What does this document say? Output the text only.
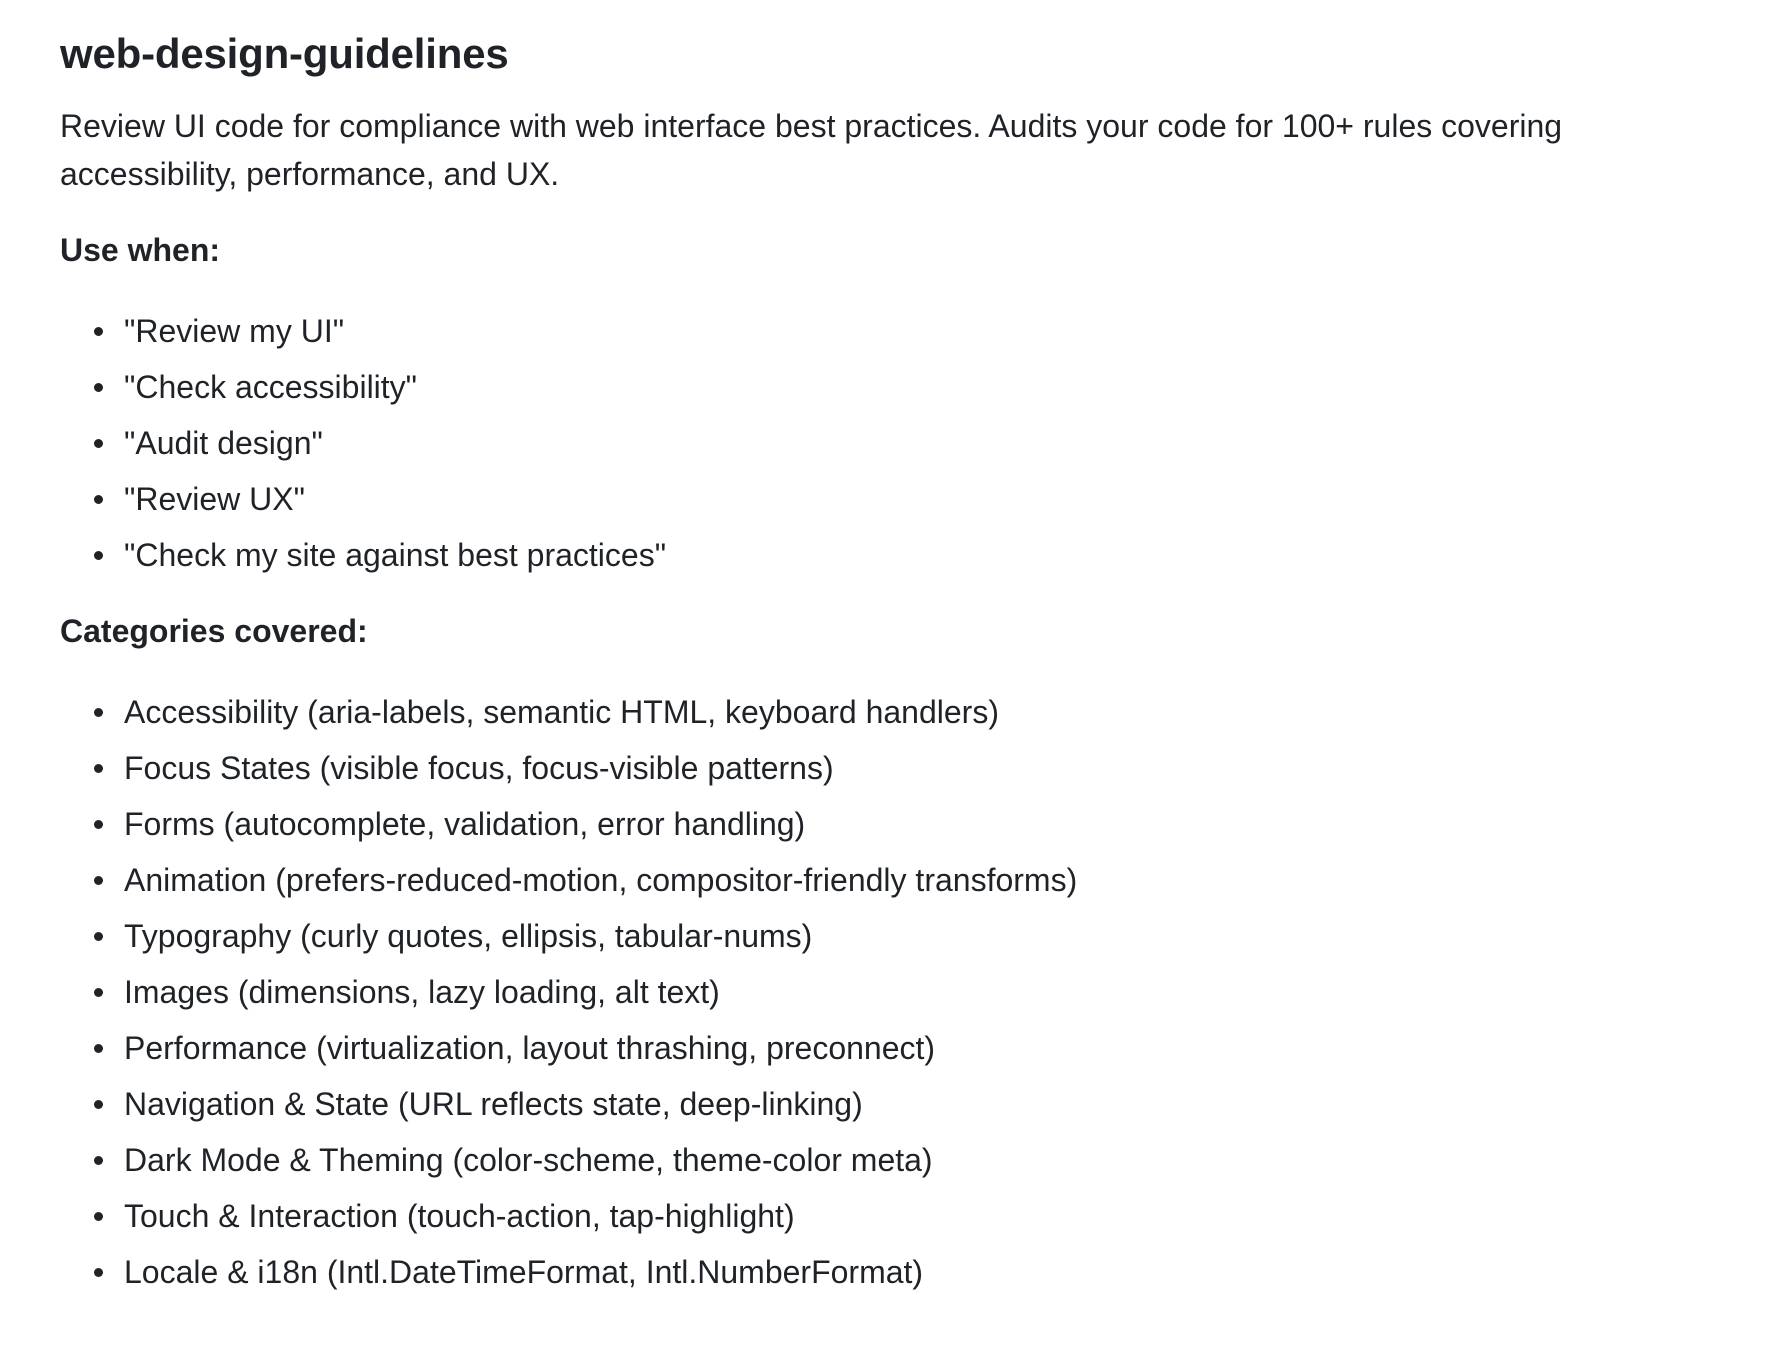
web-design-guidelines

Review UI code for compliance with web interface best practices. Audits your code for 100+ rules covering accessibility, performance, and UX.

Use when:
"Review my UI"
"Check accessibility"
"Audit design"
"Review UX"
"Check my site against best practices"
Categories covered:
Accessibility (aria-labels, semantic HTML, keyboard handlers)
Focus States (visible focus, focus-visible patterns)
Forms (autocomplete, validation, error handling)
Animation (prefers-reduced-motion, compositor-friendly transforms)
Typography (curly quotes, ellipsis, tabular-nums)
Images (dimensions, lazy loading, alt text)
Performance (virtualization, layout thrashing, preconnect)
Navigation & State (URL reflects state, deep-linking)
Dark Mode & Theming (color-scheme, theme-color meta)
Touch & Interaction (touch-action, tap-highlight)
Locale & i18n (Intl.DateTimeFormat, Intl.NumberFormat)
